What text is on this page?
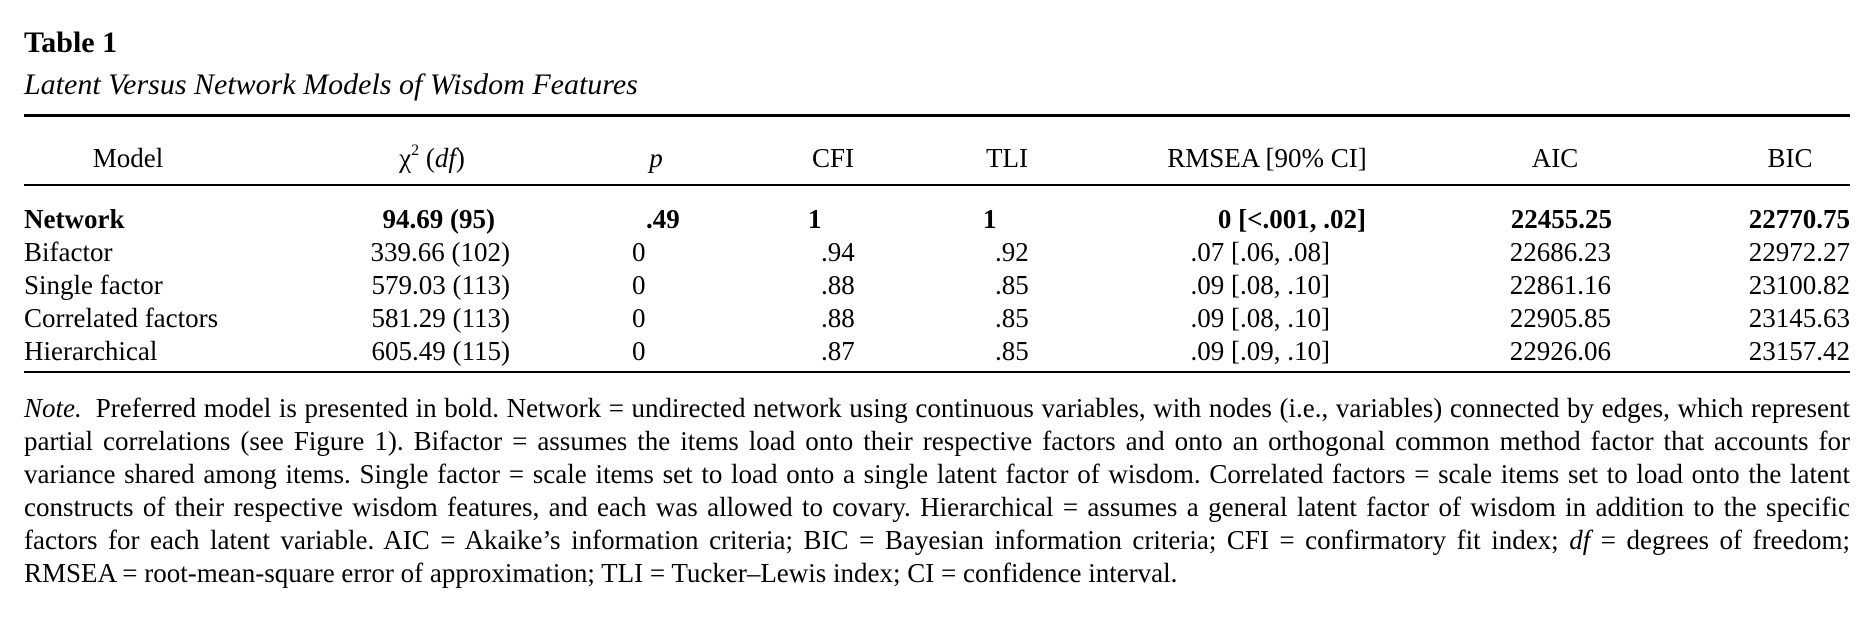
Table 1
Latent Versus Network Models of Wisdom Features
Model	$\chi^2$ (df)	p	CFI	TLI	RMSEA [90% CI]	AIC	BIC
Network	94.69 (95)	.49	1	1	0 [<.001, .02]	22455.25	22770.75
Bifactor	339.66 (102)	0	.94	.92	.07 [.06, .08]	22686.23	22972.27
Single factor	579.03 (113)	0	.88	.85	.09 [.08, .10]	22861.16	23100.82
Correlated factors	581.29 (113)	0	.88	.85	.09 [.08, .10]	22905.85	23145.63
Hierarchical	605.49 (115)	0	.87	.85	.09 [.09, .10]	22926.06	23157.42
Note. Preferred model is presented in bold. Network = undirected network using continuous variables, with nodes (i.e., variables) connected by edges, which represent partial correlations (see Figure 1). Bifactor = assumes the items load onto their respective factors and onto an orthogonal common method factor that accounts for variance shared among items. Single factor = scale items set to load onto a single latent factor of wisdom. Correlated factors = scale items set to load onto the latent constructs of their respective wisdom features, and each was allowed to covary. Hierarchical = assumes a general latent factor of wisdom in addition to the specific factors for each latent variable. AIC = Akaike’s information criteria; BIC = Bayesian information criteria; CFI = confirmatory fit index; df = degrees of freedom; RMSEA = root-mean-square error of approximation; TLI = Tucker–Lewis index; CI = confidence interval.
